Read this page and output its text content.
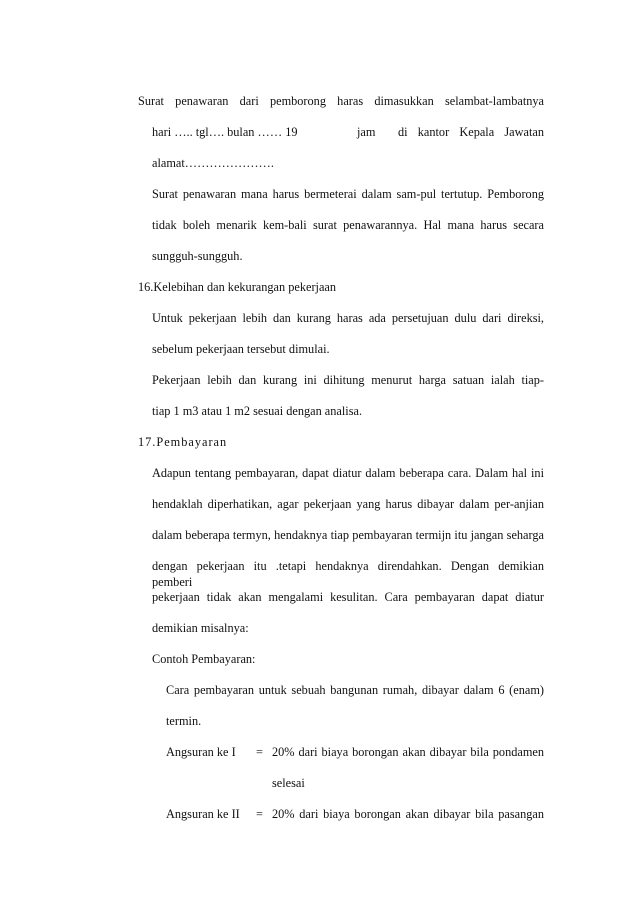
Surat penawaran dari pemborong haras dimasukkan selambat-lambatnya
hari ….. tgl…. bulan …… 19	jam di kantor Kepala Jawatan
alamat………………….
Surat penawaran mana harus bermeterai dalam sam-pul tertutup. Pemborong
tidak boleh menarik kem-bali surat penawarannya. Hal mana harus secara
sungguh-sungguh.
16.Kelebihan dan kekurangan pekerjaan
Untuk pekerjaan lebih dan kurang haras ada persetujuan dulu dari direksi,
sebelum pekerjaan tersebut dimulai.
Pekerjaan lebih dan kurang ini dihitung menurut harga satuan ialah tiap-
tiap 1 m3 atau 1 m2 sesuai dengan analisa.
17.Pembayaran
Adapun tentang pembayaran, dapat diatur dalam beberapa cara. Dalam hal ini
hendaklah diperhatikan, agar pekerjaan yang harus dibayar dalam per-anjian
dalam beberapa termyn, hendaknya tiap pembayaran termijn itu jangan seharga
dengan pekerjaan itu .tetapi hendaknya direndahkan. Dengan demikian pemberi
pekerjaan tidak akan mengalami kesulitan. Cara pembayaran dapat diatur
demikian misalnya:
Contoh Pembayaran:
Cara pembayaran untuk sebuah bangunan rumah, dibayar dalam 6 (enam)
termin.
Angsuran ke I = 20% dari biaya borongan akan dibayar bila pondamen
selesai
Angsuran ke II = 20% dari biaya borongan akan dibayar bila pasangan
